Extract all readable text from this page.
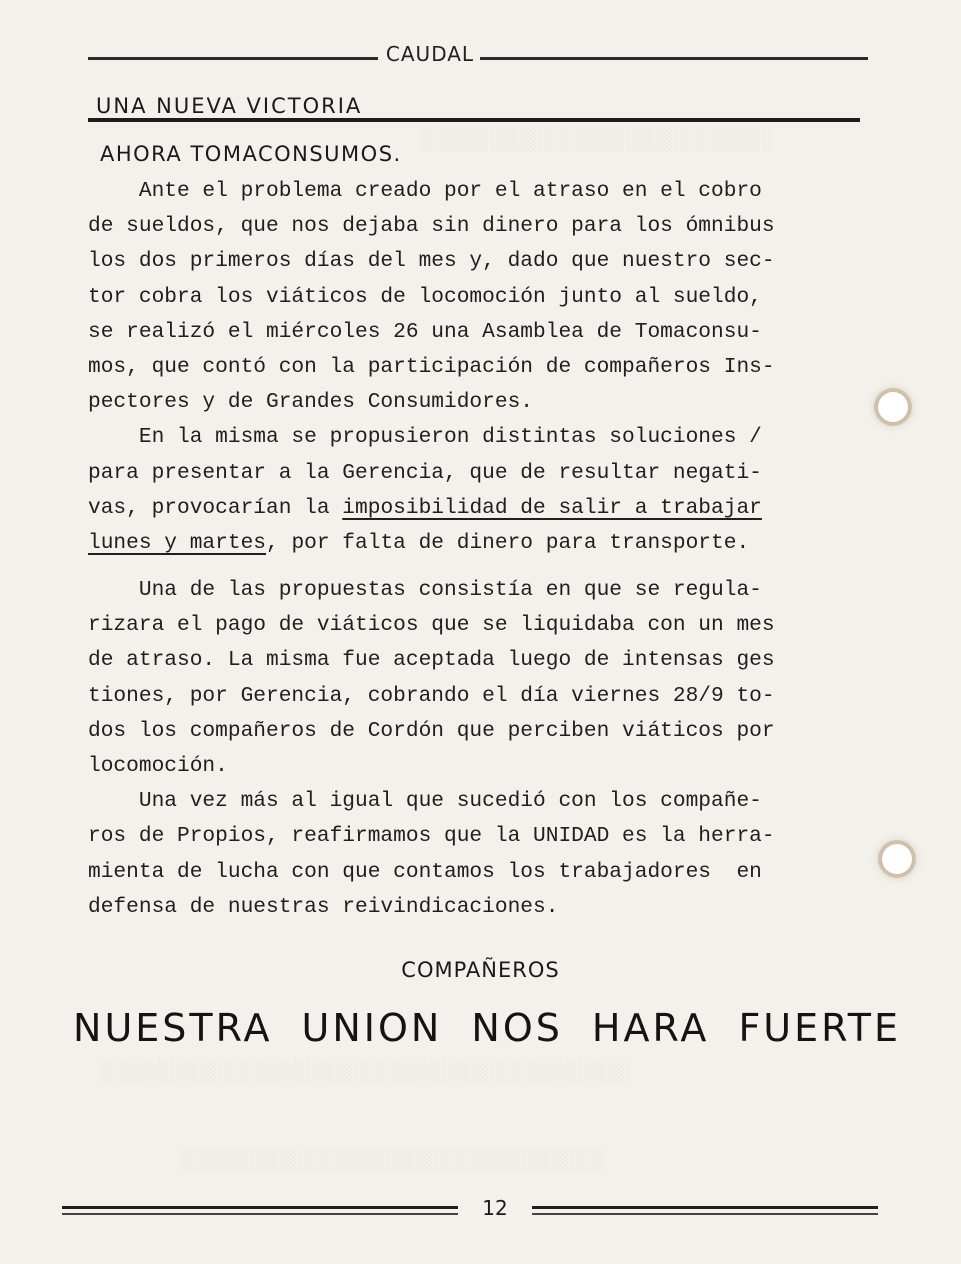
░░░░░░░░░░░░░░░░░░░░░░░░░░
░░░░░░░░░░░░░░░░░░░░░░░░░░░░░░░░░░░░░░░
░░░░░░░░░░░░░░░░░░░░░░░░░░░░░░░
CAUDAL
UNA NUEVA VICTORIA
AHORA TOMACONSUMOS.
Ante el problema creado por el atraso en el cobro
de sueldos, que nos dejaba sin dinero para los ómnibus
los dos primeros días del mes y, dado que nuestro sec-
tor cobra los viáticos de locomoción junto al sueldo,
se realizó el miércoles 26 una Asamblea de Tomaconsu-
mos, que contó con la participación de compañeros Ins-
pectores y de Grandes Consumidores.
En la misma se propusieron distintas soluciones /
para presentar a la Gerencia, que de resultar negati-
vas, provocarían la imposibilidad de salir a trabajar
lunes y martes, por falta de dinero para transporte.
Una de las propuestas consistía en que se regula-
rizara el pago de viáticos que se liquidaba con un mes
de atraso. La misma fue aceptada luego de intensas ges
tiones, por Gerencia, cobrando el día viernes 28/9 to-
dos los compañeros de Cordón que perciben viáticos por
locomoción.
Una vez más al igual que sucedió con los compañe-
ros de Propios, reafirmamos que la UNIDAD es la herra-
mienta de lucha con que contamos los trabajadores  en
defensa de nuestras reivindicaciones.
COMPAÑEROS
NUESTRA UNION NOS HARA FUERTE
12
